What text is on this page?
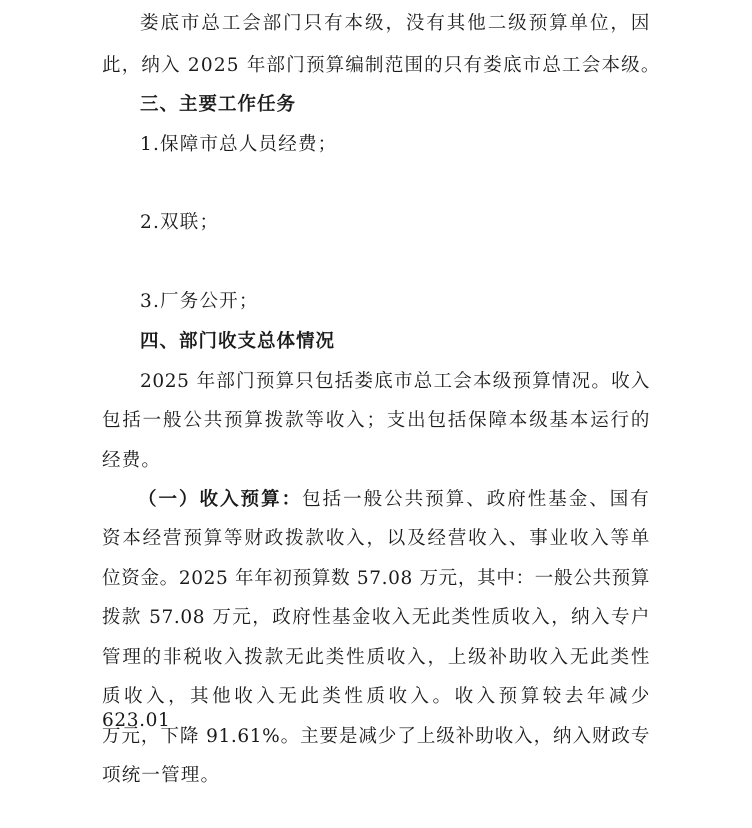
娄底市总工会部门只有本级，没有其他二级预算单位，因
此，纳入 2025 年部门预算编制范围的只有娄底市总工会本级。
三、主要工作任务
1.保障市总人员经费；
2.双联；
3.厂务公开；
四、部门收支总体情况
2025 年部门预算只包括娄底市总工会本级预算情况。收入
包括一般公共预算拨款等收入；支出包括保障本级基本运行的
经费。
（一）收入预算：包括一般公共预算、政府性基金、国有
资本经营预算等财政拨款收入，以及经营收入、事业收入等单
位资金。2025 年年初预算数 57.08 万元，其中：一般公共预算
拨款 57.08 万元，政府性基金收入无此类性质收入，纳入专户
管理的非税收入拨款无此类性质收入，上级补助收入无此类性
质收入，其他收入无此类性质收入。收入预算较去年减少 623.01
万元，下降 91.61%。主要是减少了上级补助收入，纳入财政专
项统一管理。
